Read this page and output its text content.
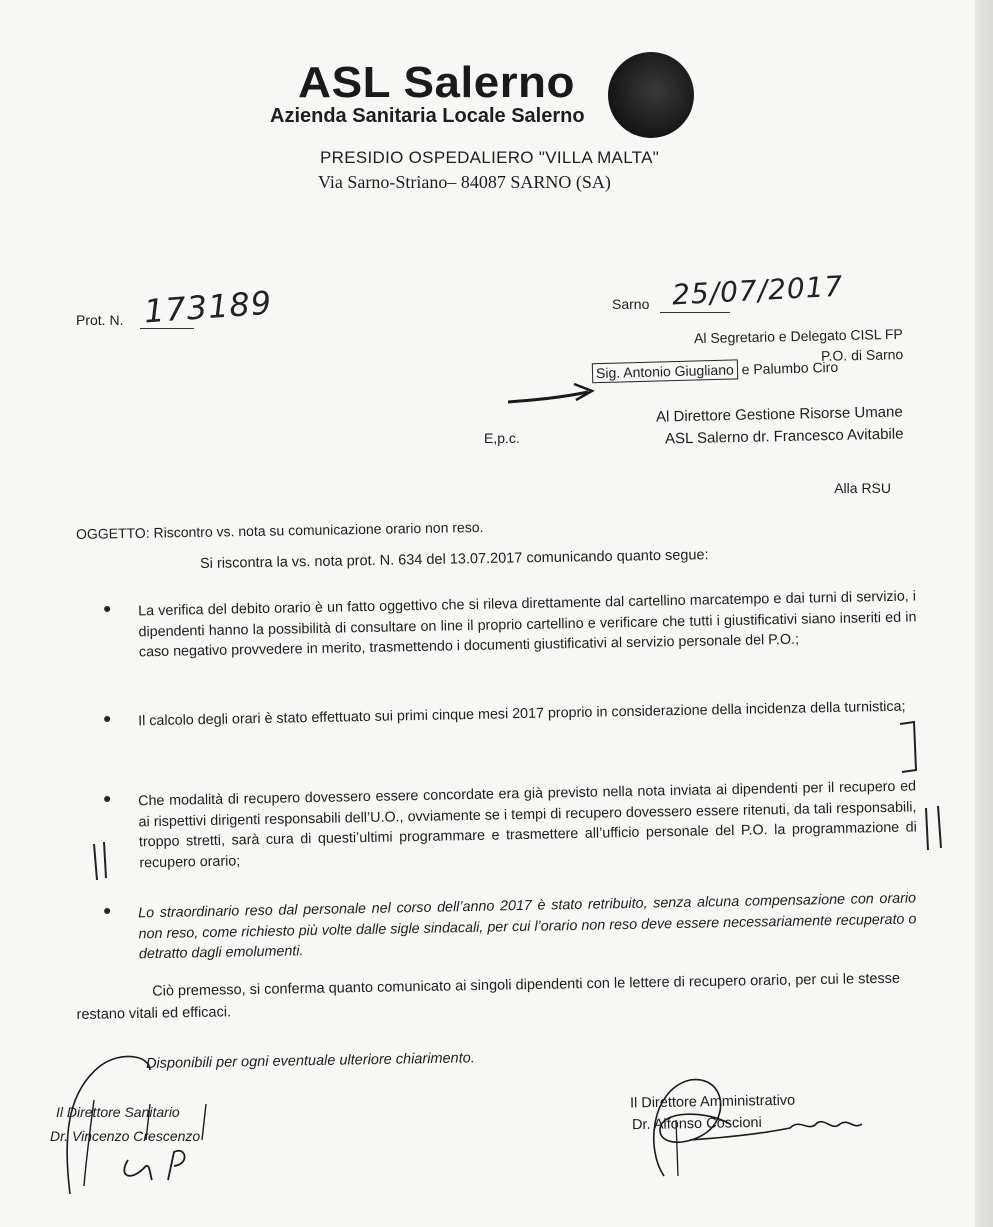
ASL Salerno
Azienda Sanitaria Locale Salerno
PRESIDIO OSPEDALIERO "VILLA MALTA"
Via Sarno-Striano– 84087 SARNO (SA)
Prot. N. 173189	Sarno 25/07/2017
Al Segretario e Delegato CISL FP
P.O. di Sarno
Sig. Antonio Giugliano e Palumbo Ciro
E,p.c.
Al Direttore Gestione Risorse Umane
ASL Salerno dr. Francesco Avitabile
Alla RSU
OGGETTO: Riscontro vs. nota su comunicazione orario non reso.
Si riscontra la vs. nota prot. N. 634 del 13.07.2017 comunicando quanto segue:
La verifica del debito orario è un fatto oggettivo che si rileva direttamente dal cartellino marcatempo e dai turni di servizio, i dipendenti hanno la possibilità di consultare on line il proprio cartellino e verificare che tutti i giustificativi siano inseriti ed in caso negativo provvedere in merito, trasmettendo i documenti giustificativi al servizio personale del P.O.;
Il calcolo degli orari è stato effettuato sui primi cinque mesi 2017 proprio in considerazione della incidenza della turnistica;
Che modalità di recupero dovessero essere concordate era già previsto nella nota inviata ai dipendenti per il recupero ed ai rispettivi dirigenti responsabili dell’U.O., ovviamente se i tempi di recupero dovessero essere ritenuti, da tali responsabili, troppo stretti, sarà cura di questi’ultimi programmare e trasmettere all’ufficio personale del P.O. la programmazione di recupero orario;
Lo straordinario reso dal personale nel corso dell’anno 2017 è stato retribuito, senza alcuna compensazione con orario non reso, come richiesto più volte dalle sigle sindacali, per cui l’orario non reso deve essere necessariamente recuperato o detratto dagli emolumenti.
Ciò premesso, si conferma quanto comunicato ai singoli dipendenti con le lettere di recupero orario, per cui le stesse restano vitali ed efficaci.
Disponibili per ogni eventuale ulteriore chiarimento.
Il Direttore Sanitario
Dr. Vincenzo Crescenzo
Il Direttore Amministrativo
Dr. Alfonso Coscioni
